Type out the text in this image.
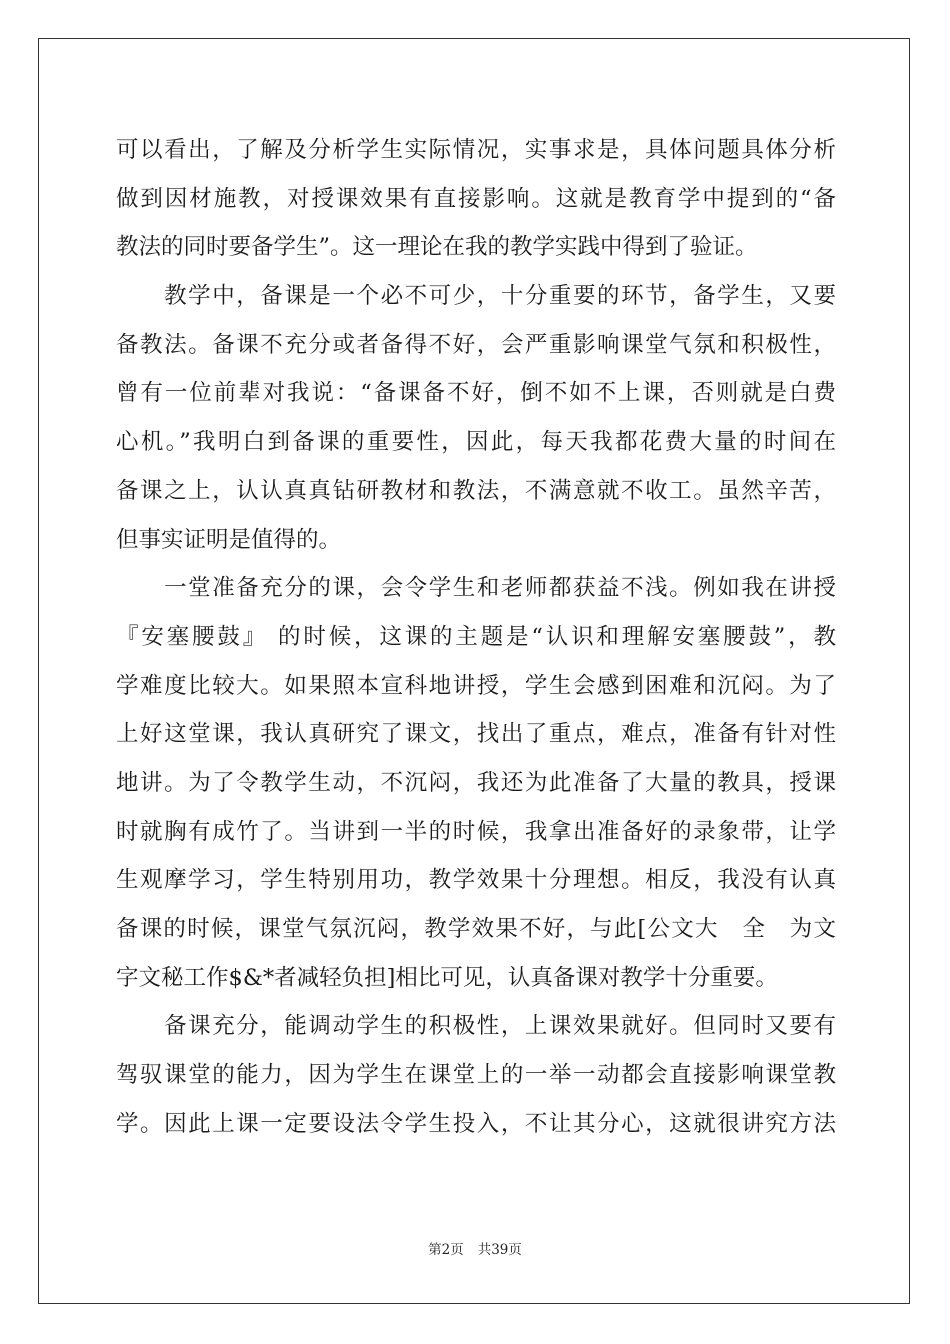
可以看出，了解及分析学生实际情况，实事求是，具体问题具体分析
做到因材施教，对授课效果有直接影响。这就是教育学中提到的“备
教法的同时要备学生”。这一理论在我的教学实践中得到了验证。
　　教学中，备课是一个必不可少，十分重要的环节，备学生，又要
备教法。备课不充分或者备得不好，会严重影响课堂气氛和积极性，
曾有一位前辈对我说：“备课备不好，倒不如不上课，否则就是白费
心机。”我明白到备课的重要性，因此，每天我都花费大量的时间在
备课之上，认认真真钻研教材和教法，不满意就不收工。虽然辛苦，
但事实证明是值得的。
　　一堂准备充分的课，会令学生和老师都获益不浅。例如我在讲授
『安塞腰鼓』 的时候，这课的主题是“认识和理解安塞腰鼓”，教
学难度比较大。如果照本宣科地讲授，学生会感到困难和沉闷。为了
上好这堂课，我认真研究了课文，找出了重点，难点，准备有针对性
地讲。为了令教学生动，不沉闷，我还为此准备了大量的教具，授课
时就胸有成竹了。当讲到一半的时候，我拿出准备好的录象带，让学
生观摩学习，学生特别用功，教学效果十分理想。相反，我没有认真
备课的时候，课堂气氛沉闷，教学效果不好，与此[公文大　全　为文
字文秘工作$&*者减轻负担]相比可见，认真备课对教学十分重要。
　　备课充分，能调动学生的积极性，上课效果就好。但同时又要有
驾驭课堂的能力，因为学生在课堂上的一举一动都会直接影响课堂教
学。因此上课一定要设法令学生投入，不让其分心，这就很讲究方法
第2页 共39页
